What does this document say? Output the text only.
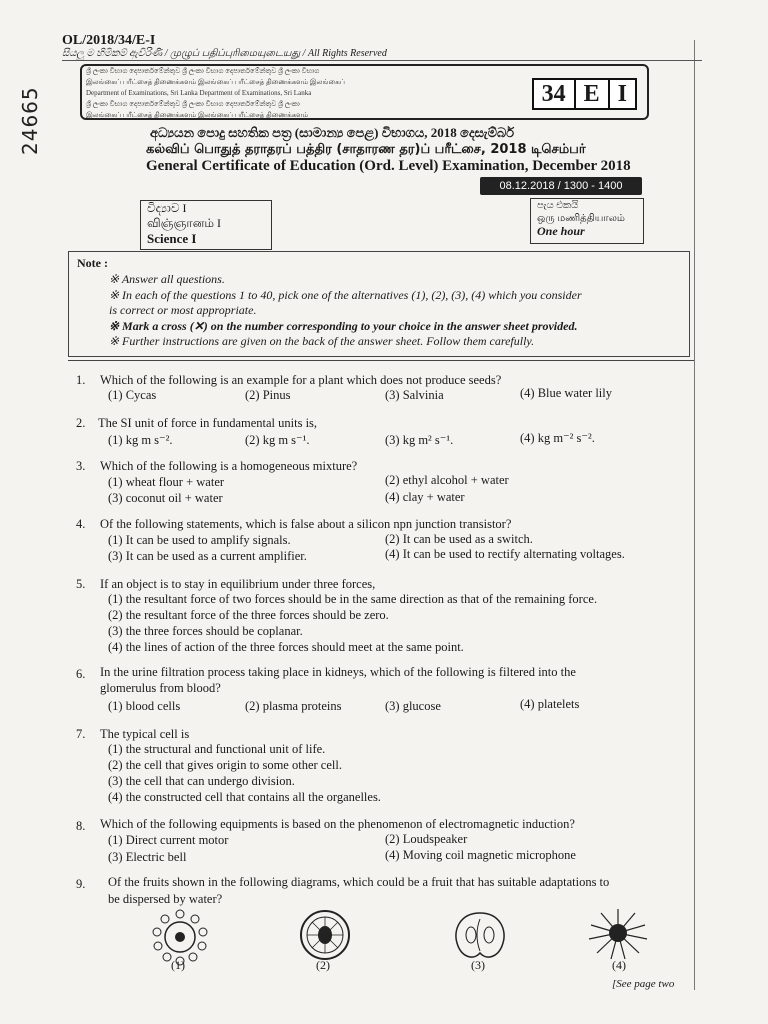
24665
OL/2018/34/E-I
සියලු ම හිමිකම් ඇවිරිණි / முழுப் பதிப்புரிமையுடையது / All Rights Reserved
ශ්‍රී ලංකා විභාග දෙපාර්තමේන්තුව ශ්‍රී ලංකා විභාග දෙපාර්තමේන්තුව ශ්‍රී ලංකා විභාග
இலங்கைப் பரீட்சைத் திணைக்களம் இலங்கைப் பரீட்சைத் திணைக்களம் இலங்கைப்
Department of Examinations, Sri Lanka Department of Examinations, Sri Lanka
ශ්‍රී ලංකා විභාග දෙපාර්තමේන්තුව ශ්‍රී ලංකා විභාග දෙපාර්තමේන්තුව ශ්‍රී ලංකා
இலங்கைப் பரீட்சைத் திணைக்களம் இலங்கைப் பரீட்சைத் திணைக்களம்
34 E I
අධ්‍යයන පොදු සහතික පත්‍ර (සාමාන්‍ය පෙළ) විභාගය, 2018 දෙසැම්බර්
கல்விப் பொதுத் தராதரப் பத்திர (சாதாரண தர)ப் பரீட்சை, 2018 டிசெம்பர்
General Certificate of Education (Ord. Level) Examination, December 2018
08.12.2018 / 1300 - 1400
විද්‍යාව I
விஞ்ஞானம் I
Science I
පැය එකයි
ஒரு மணித்தியாலம்
One hour
Note :
※ Answer all questions.
※ In each of the questions 1 to 40, pick one of the alternatives (1), (2), (3), (4) which you consider
is correct or most appropriate.
※ Mark a cross (✕) on the number corresponding to your choice in the answer sheet provided.
※ Further instructions are given on the back of the answer sheet. Follow them carefully.
1. Which of the following is an example for a plant which does not produce seeds?
(1) Cycas	(2) Pinus	(3) Salvinia	(4) Blue water lily
2. The SI unit of force in fundamental units is,
(1) kg m s⁻².	(2) kg m s⁻¹.	(3) kg m² s⁻¹.	(4) kg m⁻² s⁻².
3. Which of the following is a homogeneous mixture?
(1) wheat flour + water	(2) ethyl alcohol + water
(3) coconut oil + water	(4) clay + water
4. Of the following statements, which is false about a silicon npn junction transistor?
(1) It can be used to amplify signals.	(2) It can be used as a switch.
(3) It can be used as a current amplifier.	(4) It can be used to rectify alternating voltages.
5. If an object is to stay in equilibrium under three forces,
(1) the resultant force of two forces should be in the same direction as that of the remaining force.
(2) the resultant force of the three forces should be zero.
(3) the three forces should be coplanar.
(4) the lines of action of the three forces should meet at the same point.
6. In the urine filtration process taking place in kidneys, which of the following is filtered into the
glomerulus from blood?
(1) blood cells	(2) plasma proteins	(3) glucose	(4) platelets
7. The typical cell is
(1) the structural and functional unit of life.
(2) the cell that gives origin to some other cell.
(3) the cell that can undergo division.
(4) the constructed cell that contains all the organelles.
8. Which of the following equipments is based on the phenomenon of electromagnetic induction?
(1) Direct current motor	(2) Loudspeaker
(3) Electric bell	(4) Moving coil magnetic microphone
9. Of the fruits shown in the following diagrams, which could be a fruit that has suitable adaptations to
be dispersed by water?
(1)	(2)	(3)	(4)
[See page two
